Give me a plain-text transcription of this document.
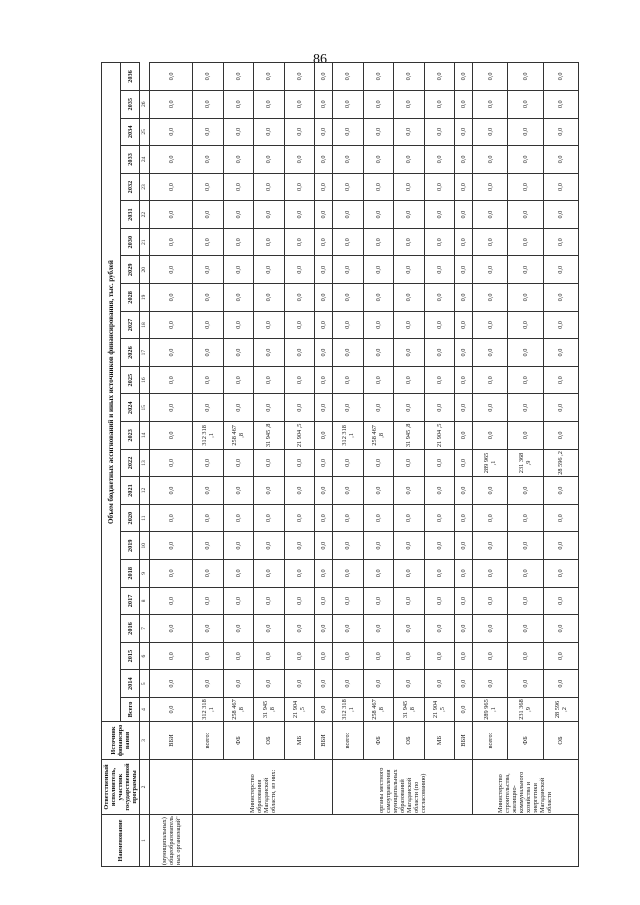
86
Наименование	Ответственный исполнитель, участник государственной программы	Источник финансиро вания	Объем бюджетных ассигнований и иных источников финансирования, тыс. рублей																							
			Всего	2014	2015	2016	2017	2018	2019	2020	2021	2022	2023	2024	2025	2026	2027	2028	2029	2030	2031	2032	2033	2034	2035	2036
1	2	3	4	5	6	7	8	9	10	11	12	13	14	15	16	17	18	19	20	21	22	23	24	25	26	
(муниципальных) общеобразовательных организаций"		ВБИ	0,0	0,0	0,0	0,0	0,0	0,0	0,0	0,0	0,0	0,0	0,0	0,0	0,0	0,0	0,0	0,0	0,0	0,0	0,0	0,0	0,0	0,0	0,0	0,0
	Министерство образования Магаданской области, из них:	всего:	312 318 ,1	0,0	0,0	0,0	0,0	0,0	0,0	0,0	0,0	0,0	312 318 ,1	0,0	0,0	0,0	0,0	0,0	0,0	0,0	0,0	0,0	0,0	0,0	0,0	0,0
		ФБ	258 467 ,8	0,0	0,0	0,0	0,0	0,0	0,0	0,0	0,0	0,0	258 467 ,8	0,0	0,0	0,0	0,0	0,0	0,0	0,0	0,0	0,0	0,0	0,0	0,0	0,0
		ОБ	31 945 ,8	0,0	0,0	0,0	0,0	0,0	0,0	0,0	0,0	0,0	31 945 ,8	0,0	0,0	0,0	0,0	0,0	0,0	0,0	0,0	0,0	0,0	0,0	0,0	0,0
		МБ	21 904 ,5	0,0	0,0	0,0	0,0	0,0	0,0	0,0	0,0	0,0	21 904 ,5	0,0	0,0	0,0	0,0	0,0	0,0	0,0	0,0	0,0	0,0	0,0	0,0	0,0
		ВБИ	0,0	0,0	0,0	0,0	0,0	0,0	0,0	0,0	0,0	0,0	0,0	0,0	0,0	0,0	0,0	0,0	0,0	0,0	0,0	0,0	0,0	0,0	0,0	0,0
	органы местного самоуправления муниципальных образований Магаданской области (по согласованию)	всего:	312 318 ,1	0,0	0,0	0,0	0,0	0,0	0,0	0,0	0,0	0,0	312 318 ,1	0,0	0,0	0,0	0,0	0,0	0,0	0,0	0,0	0,0	0,0	0,0	0,0	0,0
		ФБ	258 467 ,8	0,0	0,0	0,0	0,0	0,0	0,0	0,0	0,0	0,0	258 467 ,8	0,0	0,0	0,0	0,0	0,0	0,0	0,0	0,0	0,0	0,0	0,0	0,0	0,0
		ОБ	31 945 ,8	0,0	0,0	0,0	0,0	0,0	0,0	0,0	0,0	0,0	31 945 ,8	0,0	0,0	0,0	0,0	0,0	0,0	0,0	0,0	0,0	0,0	0,0	0,0	0,0
		МБ	21 904 ,5	0,0	0,0	0,0	0,0	0,0	0,0	0,0	0,0	0,0	21 904 ,5	0,0	0,0	0,0	0,0	0,0	0,0	0,0	0,0	0,0	0,0	0,0	0,0	0,0
		ВБИ	0,0	0,0	0,0	0,0	0,0	0,0	0,0	0,0	0,0	0,0	0,0	0,0	0,0	0,0	0,0	0,0	0,0	0,0	0,0	0,0	0,0	0,0	0,0	0,0
	Министерство строительства, жилищно-коммунального хозяйства и энергетики Магаданской области	всего:	289 965 ,1	0,0	0,0	0,0	0,0	0,0	0,0	0,0	0,0	289 965 ,1	0,0	0,0	0,0	0,0	0,0	0,0	0,0	0,0	0,0	0,0	0,0	0,0	0,0	0,0
		ФБ	231 368 ,9	0,0	0,0	0,0	0,0	0,0	0,0	0,0	0,0	231 368 ,9	0,0	0,0	0,0	0,0	0,0	0,0	0,0	0,0	0,0	0,0	0,0	0,0	0,0	0,0
		ОБ	28 596 ,2	0,0	0,0	0,0	0,0	0,0	0,0	0,0	0,0	28 596 ,2	0,0	0,0	0,0	0,0	0,0	0,0	0,0	0,0	0,0	0,0	0,0	0,0	0,0	0,0
